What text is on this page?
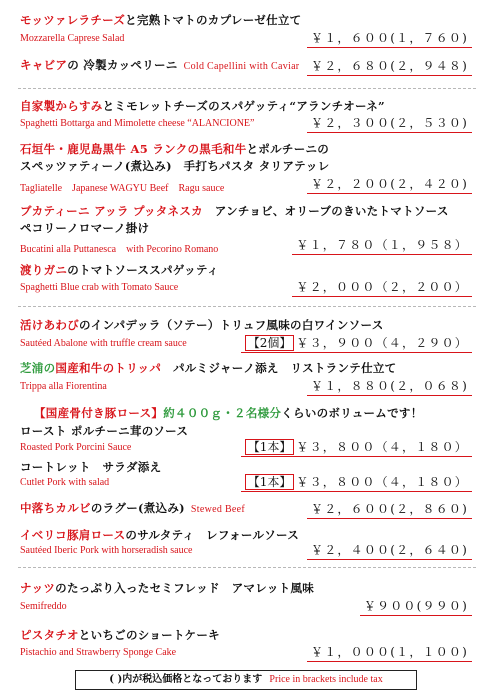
モッツァレラチーズと完熟トマトのカプレーゼ仕立て
Mozzarella Caprese Salad	￥１，６００(１，７６０)
キャビアの 冷製カッペリーニ Cold Capellini with Caviar ￥２，６８０(２，９４８)
自家製からすみとミモレットチーズのスパゲッティ“アランチオーネ”
Spaghetti Bottarga and Mimolette cheese “ALANCIONE”	￥２，３００(２，５３０)
石垣牛・鹿児島黒牛 A5 ランクの黒毛和牛とポルチーニの
スペッツァティーノ(煮込み)　手打ちパスタ タリアテッレ
Tagliatelle　Japanese WAGYU Beef　Ragu sauce	￥２，２００(２，４２０)
ブカティーニ アッラ プッタネスカ　アンチョビ、オリーブのきいたトマトソース
ペコリーノロマーノ掛け
Bucatini alla Puttanesca　with Pecorino Romano	￥１，７８０（１，９５８）
渡りガニのトマトソーススパゲッティ
Spaghetti Blue crab with Tomato Sauce	￥２，０００（２，２００）
活けあわびのインパデッラ（ソテー）トリュフ風味の白ワインソース
Sautéed Abalone with truffle cream sauce	【2個】 ￥３，９００（４，２９０）
芝浦の国産和牛のトリッパ　パルミジャーノ添え　リストランテ仕立て
Trippa alla Fiorentina	￥１，８８０(２，０６８)
【国産骨付き豚ロース】約４００ｇ・２名様分くらいのボリュームです！
ロースト ポルチーニ茸のソース
Roasted Pork Porcini Sauce	【1本】 ￥３，８００（４，１８０）
コートレット　サラダ添え
Cutlet Pork with salad	【1本】 ￥３，８００（４，１８０）
中落ちカルビのラグー(煮込み) Stewed Beef	￥２，６００(２，８６０)
イベリコ豚肩ロースのサルタティ　レフォールソース
Sautéed Iberic Pork with horseradish sauce	￥２，４００(２，６４０)
ナッツのたっぷり入ったセミフレッド　アマレット風味
Semifreddo	￥９００(９９０)
ピスタチオといちごのショートケーキ
Pistachio and Strawberry Sponge Cake	￥１，０００(１，１００)
( )内が税込価格となっております Price in brackets include tax
